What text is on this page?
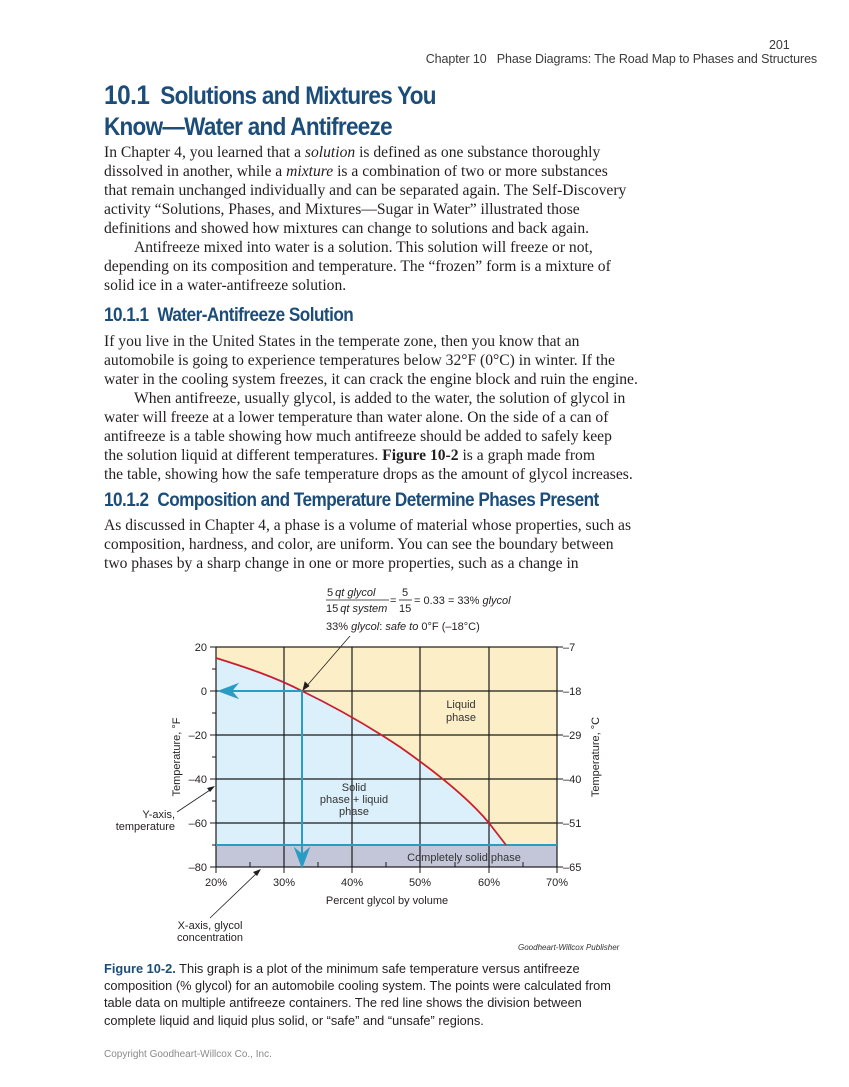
Chapter 10 Phase Diagrams: The Road Map to Phases and Structures

201

10.1 Solutions and Mixtures You
Know—Water and Antifreeze
In Chapter 4, you learned that a solution is defined as one substance thoroughly
dissolved in another, while a mixture is a combination of two or more substances
that remain unchanged individually and can be separated again. The Self-Discovery
activity “Solutions, Phases, and Mixtures—Sugar in Water” illustrated those
definitions and showed how mixtures can change to solutions and back again.
Antifreeze mixed into water is a solution. This solution will freeze or not,
depending on its composition and temperature. The “frozen” form is a mixture of
solid ice in a water-antifreeze solution.
10.1.1 Water-Antifreeze Solution
If you live in the United States in the temperate zone, then you know that an
automobile is going to experience temperatures below 32°F (0°C) in winter. If the
water in the cooling system freezes, it can crack the engine block and ruin the engine.
When antifreeze, usually glycol, is added to the water, the solution of glycol in
water will freeze at a lower temperature than water alone. On the side of a can of
antifreeze is a table showing how much antifreeze should be added to safely keep
the solution liquid at different temperatures. Figure 10-2 is a graph made from
the table, showing how the safe temperature drops as the amount of glycol increases.
10.1.2 Composition and Temperature Determine Phases Present
As discussed in Chapter 4, a phase is a volume of material whose properties, such as
composition, hardness, and color, are uniform. You can see the boundary between
two phases by a sharp change in one or more properties, such as a change in
5 qt glycol
15 qt system
=
5
15
= 0.33 = 33% glycol
33% glycol: safe to 0°F (–18°C)
Liquid
phase
Solid
phase + liquid
phase
Completely solid phase
20
0
–20
–40
–60
–80
–7
–18
–29
–40
–51
–65
20%	30%	40%	50%	60%	70%
Percent glycol by volume
Temperature, °F	Temperature, °C
Y-axis,
temperature
X-axis, glycol
concentration
Goodheart-Willcox Publisher
Figure 10-2. This graph is a plot of the minimum safe temperature versus antifreeze
composition (% glycol) for an automobile cooling system. The points were calculated from
table data on multiple antifreeze containers. The red line shows the division between
complete liquid and liquid plus solid, or “safe” and “unsafe” regions.
Copyright Goodheart-Willcox Co., Inc.
